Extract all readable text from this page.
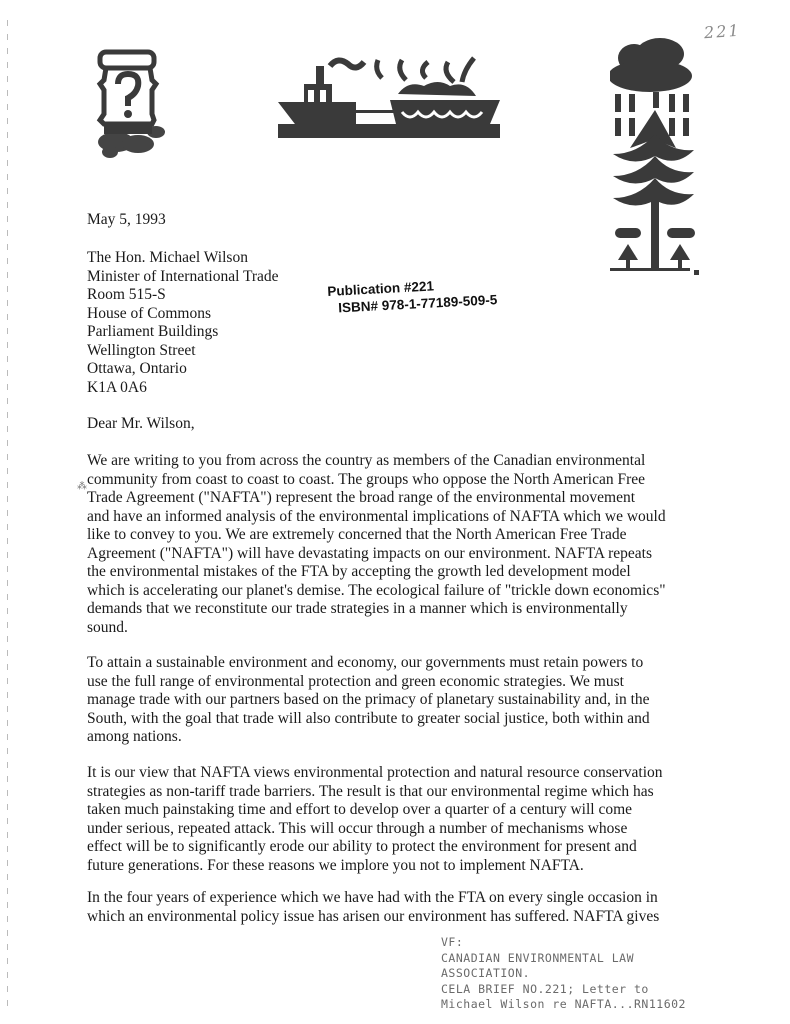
221
May 5, 1993
The Hon. Michael Wilson
Minister of International Trade
Room 515-S
House of Commons
Parliament Buildings
Wellington Street
Ottawa, Ontario
K1A 0A6
Publication #221
ISBN# 978-1-77189-509-5
Dear Mr. Wilson,
⁂
We are writing to you from across the country as members of the Canadian environmental
community from coast to coast to coast. The groups who oppose the North American Free
Trade Agreement ("NAFTA") represent the broad range of the environmental movement
and have an informed analysis of the environmental implications of NAFTA which we would
like to convey to you. We are extremely concerned that the North American Free Trade
Agreement ("NAFTA") will have devastating impacts on our environment. NAFTA repeats
the environmental mistakes of the FTA by accepting the growth led development model
which is accelerating our planet's demise. The ecological failure of "trickle down economics"
demands that we reconstitute our trade strategies in a manner which is environmentally
sound.
To attain a sustainable environment and economy, our governments must retain powers to
use the full range of environmental protection and green economic strategies. We must
manage trade with our partners based on the primacy of planetary sustainability and, in the
South, with the goal that trade will also contribute to greater social justice, both within and
among nations.
It is our view that NAFTA views environmental protection and natural resource conservation
strategies as non-tariff trade barriers. The result is that our environmental regime which has
taken much painstaking time and effort to develop over a quarter of a century will come
under serious, repeated attack. This will occur through a number of mechanisms whose
effect will be to significantly erode our ability to protect the environment for present and
future generations. For these reasons we implore you not to implement NAFTA.
In the four years of experience which we have had with the FTA on every single occasion in
which an environmental policy issue has arisen our environment has suffered. NAFTA gives
VF:
CANADIAN ENVIRONMENTAL LAW
ASSOCIATION.
CELA BRIEF NO.221; Letter to
Michael Wilson re NAFTA...RN11602
